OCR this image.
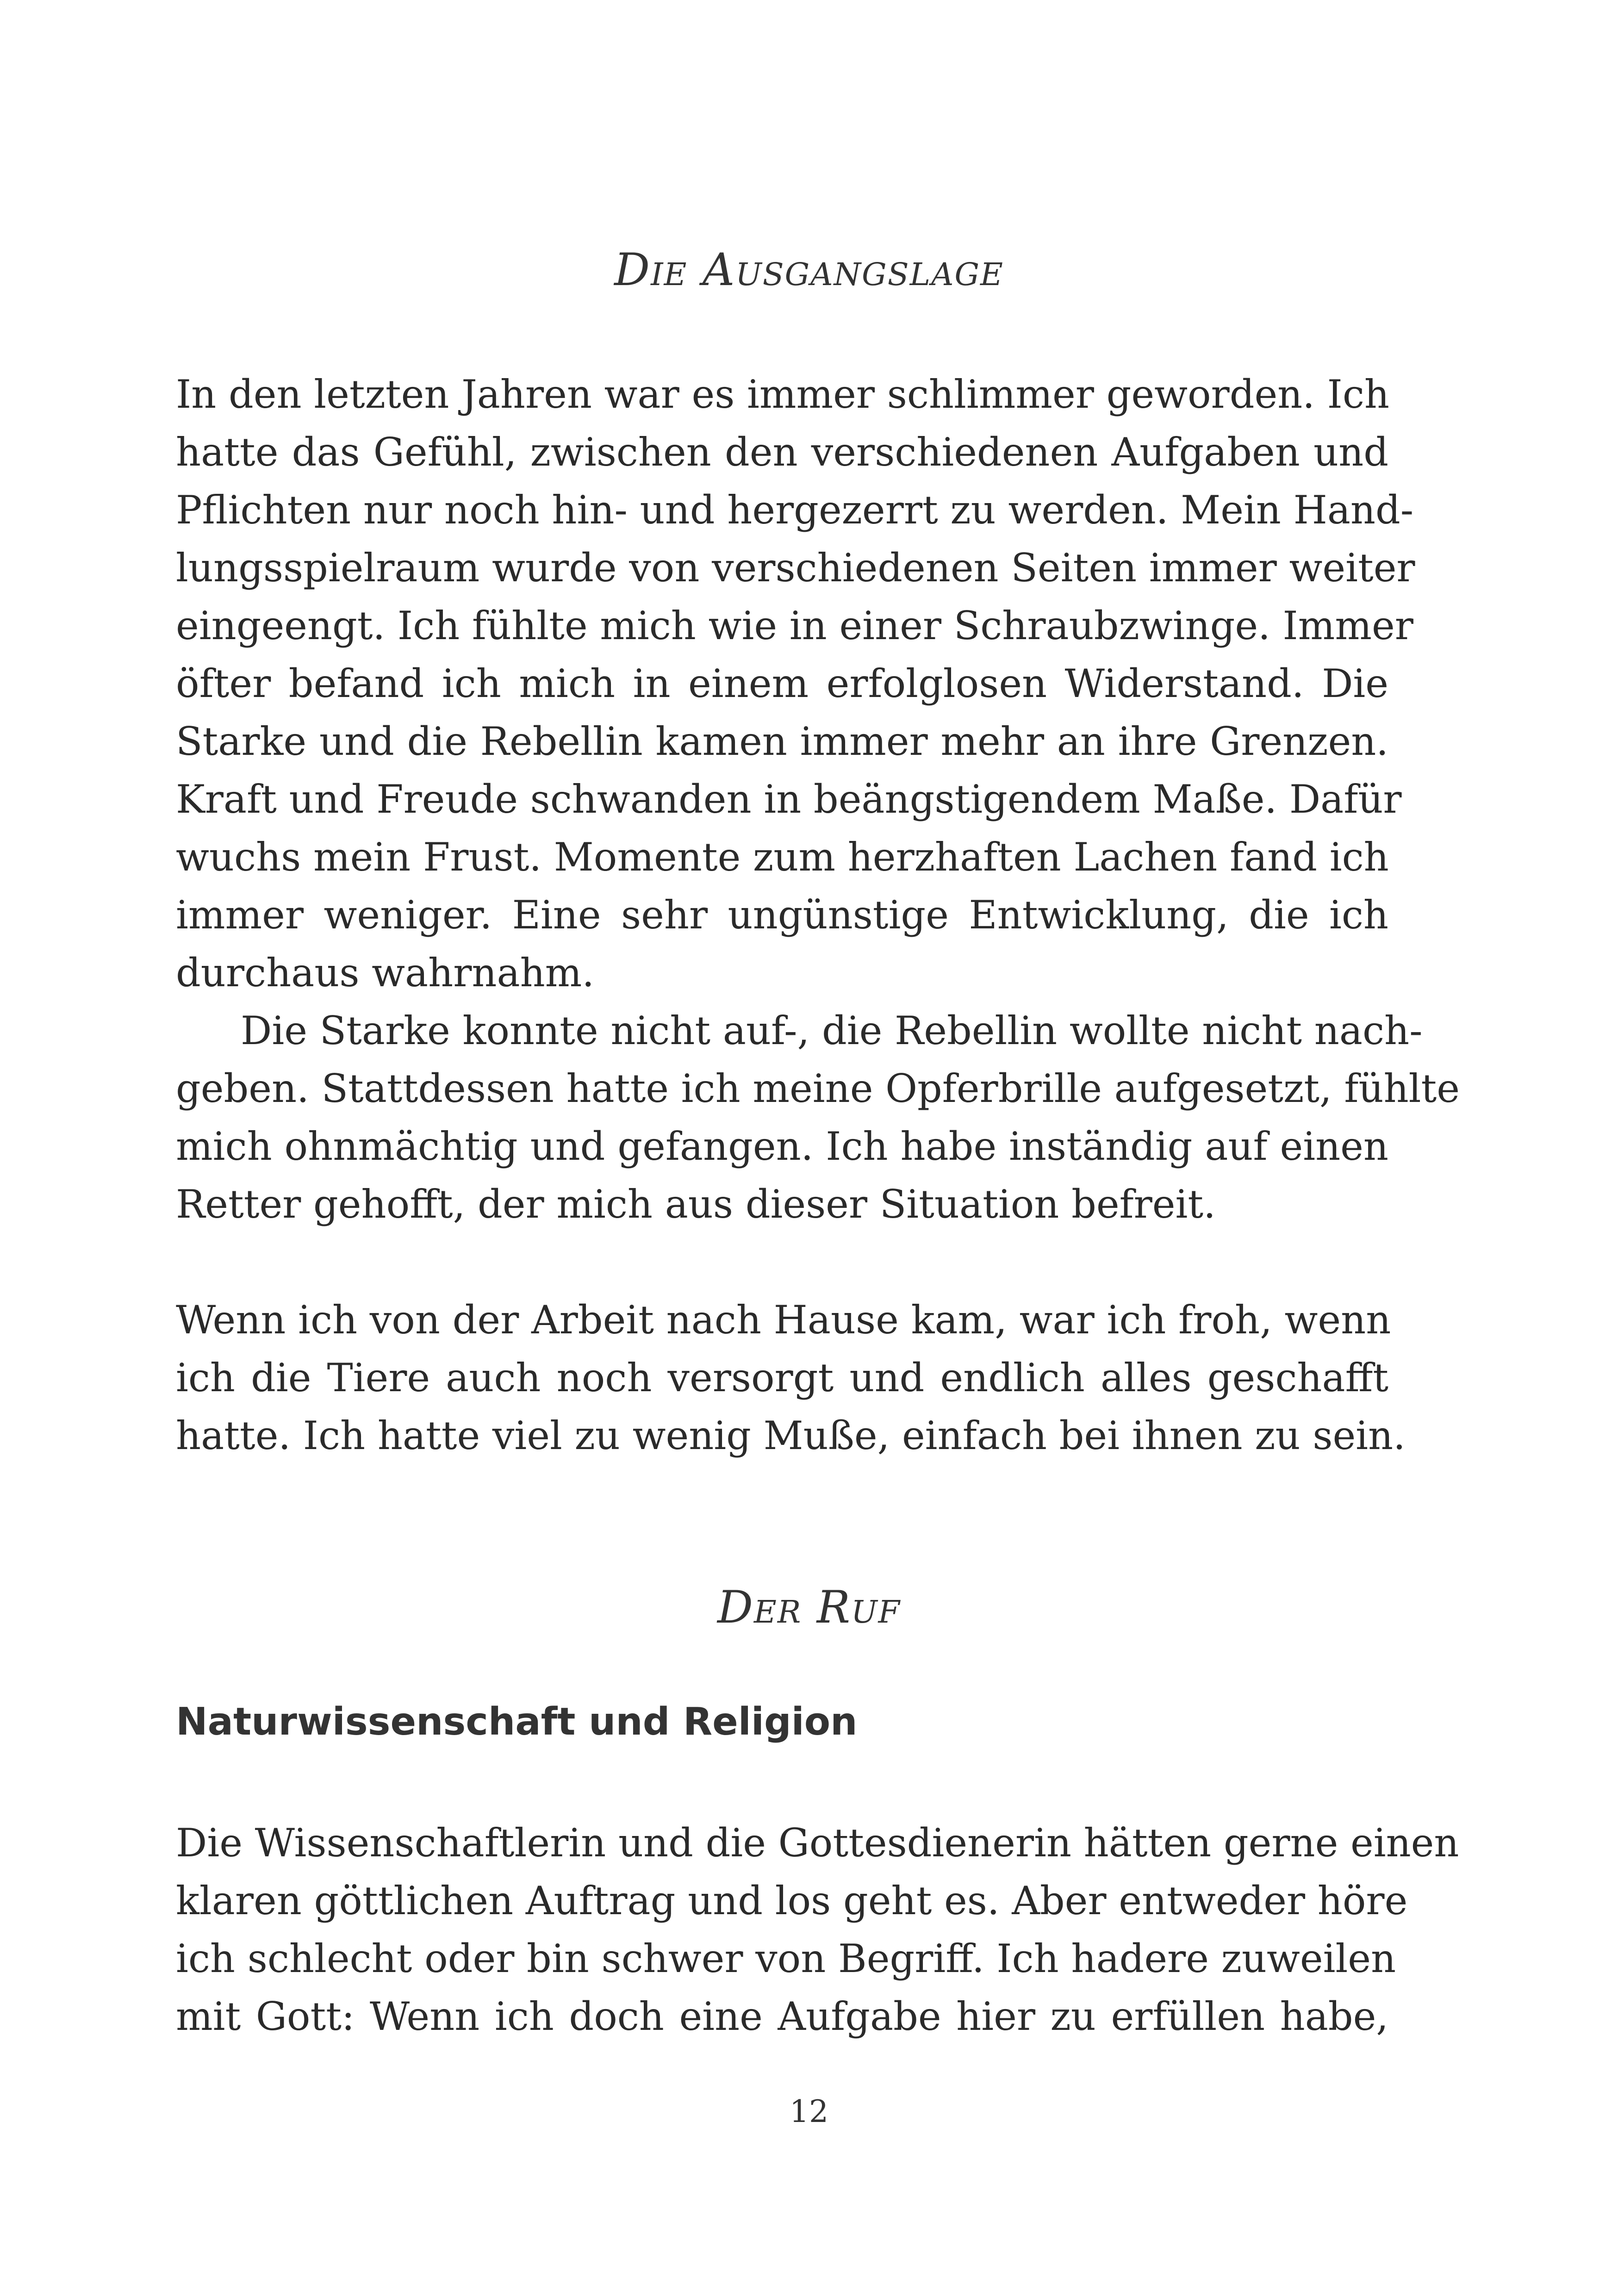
Die Ausgangslage
In den letzten Jahren war es immer schlimmer geworden. Ich
hatte das Gefühl, zwischen den verschiedenen Aufgaben und
Pflichten nur noch hin- und hergezerrt zu werden. Mein Hand-
lungsspielraum wurde von verschiedenen Seiten immer weiter
eingeengt. Ich fühlte mich wie in einer Schraubzwinge. Immer
öfter befand ich mich in einem erfolglosen Widerstand. Die
Starke und die Rebellin kamen immer mehr an ihre Grenzen.
Kraft und Freude schwanden in beängstigendem Maße. Dafür
wuchs mein Frust. Momente zum herzhaften Lachen fand ich
immer weniger. Eine sehr ungünstige Entwicklung, die ich
durchaus wahrnahm.
Die Starke konnte nicht auf-, die Rebellin wollte nicht nach-
geben. Stattdessen hatte ich meine Opferbrille aufgesetzt, fühlte
mich ohnmächtig und gefangen. Ich habe inständig auf einen
Retter gehofft, der mich aus dieser Situation befreit.
Wenn ich von der Arbeit nach Hause kam, war ich froh, wenn
ich die Tiere auch noch versorgt und endlich alles geschafft
hatte. Ich hatte viel zu wenig Muße, einfach bei ihnen zu sein.
Der Ruf
Naturwissenschaft und Religion
Die Wissenschaftlerin und die Gottesdienerin hätten gerne einen
klaren göttlichen Auftrag und los geht es. Aber entweder höre
ich schlecht oder bin schwer von Begriff. Ich hadere zuweilen
mit Gott: Wenn ich doch eine Aufgabe hier zu erfüllen habe,
12
